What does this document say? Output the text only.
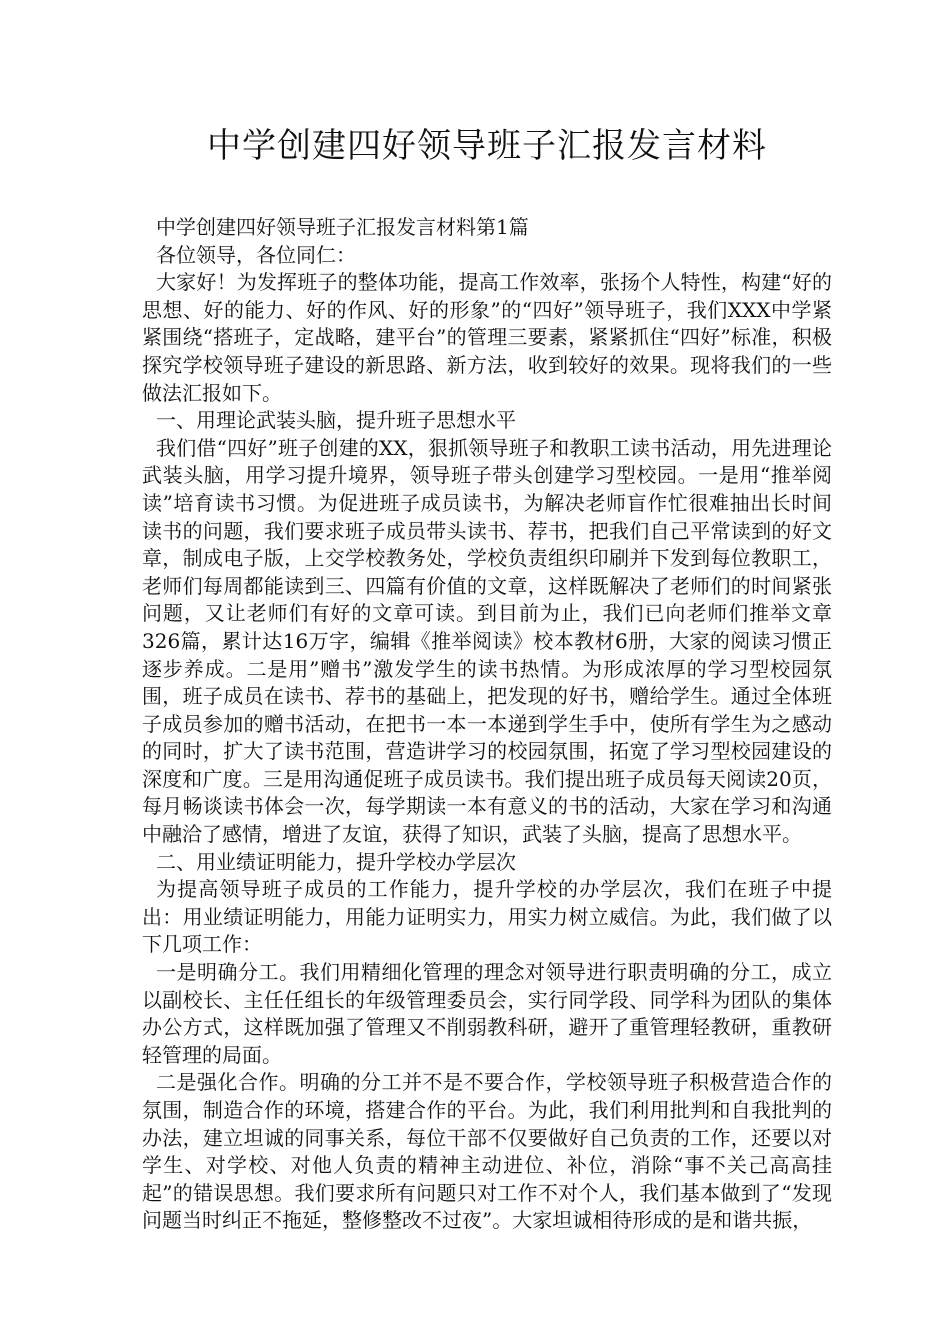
中学创建四好领导班子汇报发言材料

中学创建四好领导班子汇报发言材料第1篇

各位领导，各位同仁：

大家好！为发挥班子的整体功能，提高工作效率，张扬个人特性，构建“好的思想、好的能力、好的作风、好的形象”的“四好”领导班子，我们XXX中学紧紧围绕“搭班子，定战略，建平台”的管理三要素，紧紧抓住“四好”标准，积极探究学校领导班子建设的新思路、新方法，收到较好的效果。现将我们的一些做法汇报如下。

一、用理论武装头脑，提升班子思想水平

我们借“四好”班子创建的XX，狠抓领导班子和教职工读书活动，用先进理论武装头脑，用学习提升境界，领导班子带头创建学习型校园。一是用“推举阅读”培育读书习惯。为促进班子成员读书，为解决老师盲作忙很难抽出长时间读书的问题，我们要求班子成员带头读书、荐书，把我们自己平常读到的好文章，制成电子版，上交学校教务处，学校负责组织印刷并下发到每位教职工，老师们每周都能读到三、四篇有价值的文章，这样既解决了老师们的时间紧张问题，又让老师们有好的文章可读。到目前为止，我们已向老师们推举文章326篇，累计达16万字，编辑《推举阅读》校本教材6册，大家的阅读习惯正逐步养成。二是用”赠书”激发学生的读书热情。为形成浓厚的学习型校园氛围，班子成员在读书、荐书的基础上，把发现的好书，赠给学生。通过全体班子成员参加的赠书活动，在把书一本一本递到学生手中，使所有学生为之感动的同时，扩大了读书范围，营造讲学习的校园氛围，拓宽了学习型校园建设的深度和广度。三是用沟通促班子成员读书。我们提出班子成员每天阅读20页，每月畅谈读书体会一次，每学期读一本有意义的书的活动，大家在学习和沟通中融洽了感情，增进了友谊，获得了知识，武装了头脑，提高了思想水平。

二、用业绩证明能力，提升学校办学层次

为提高领导班子成员的工作能力，提升学校的办学层次，我们在班子中提出：用业绩证明能力，用能力证明实力，用实力树立威信。为此，我们做了以下几项工作：

一是明确分工。我们用精细化管理的理念对领导进行职责明确的分工，成立以副校长、主任任组长的年级管理委员会，实行同学段、同学科为团队的集体办公方式，这样既加强了管理又不削弱教科研，避开了重管理轻教研，重教研轻管理的局面。

二是强化合作。明确的分工并不是不要合作，学校领导班子积极营造合作的氛围，制造合作的环境，搭建合作的平台。为此，我们利用批判和自我批判的办法，建立坦诚的同事关系，每位干部不仅要做好自己负责的工作，还要以对学生、对学校、对他人负责的精神主动进位、补位，消除“事不关己高高挂起”的错误思想。我们要求所有问题只对工作不对个人，我们基本做到了“发现问题当时纠正不拖延，整修整改不过夜”。大家坦诚相待形成的是和谐共振，
